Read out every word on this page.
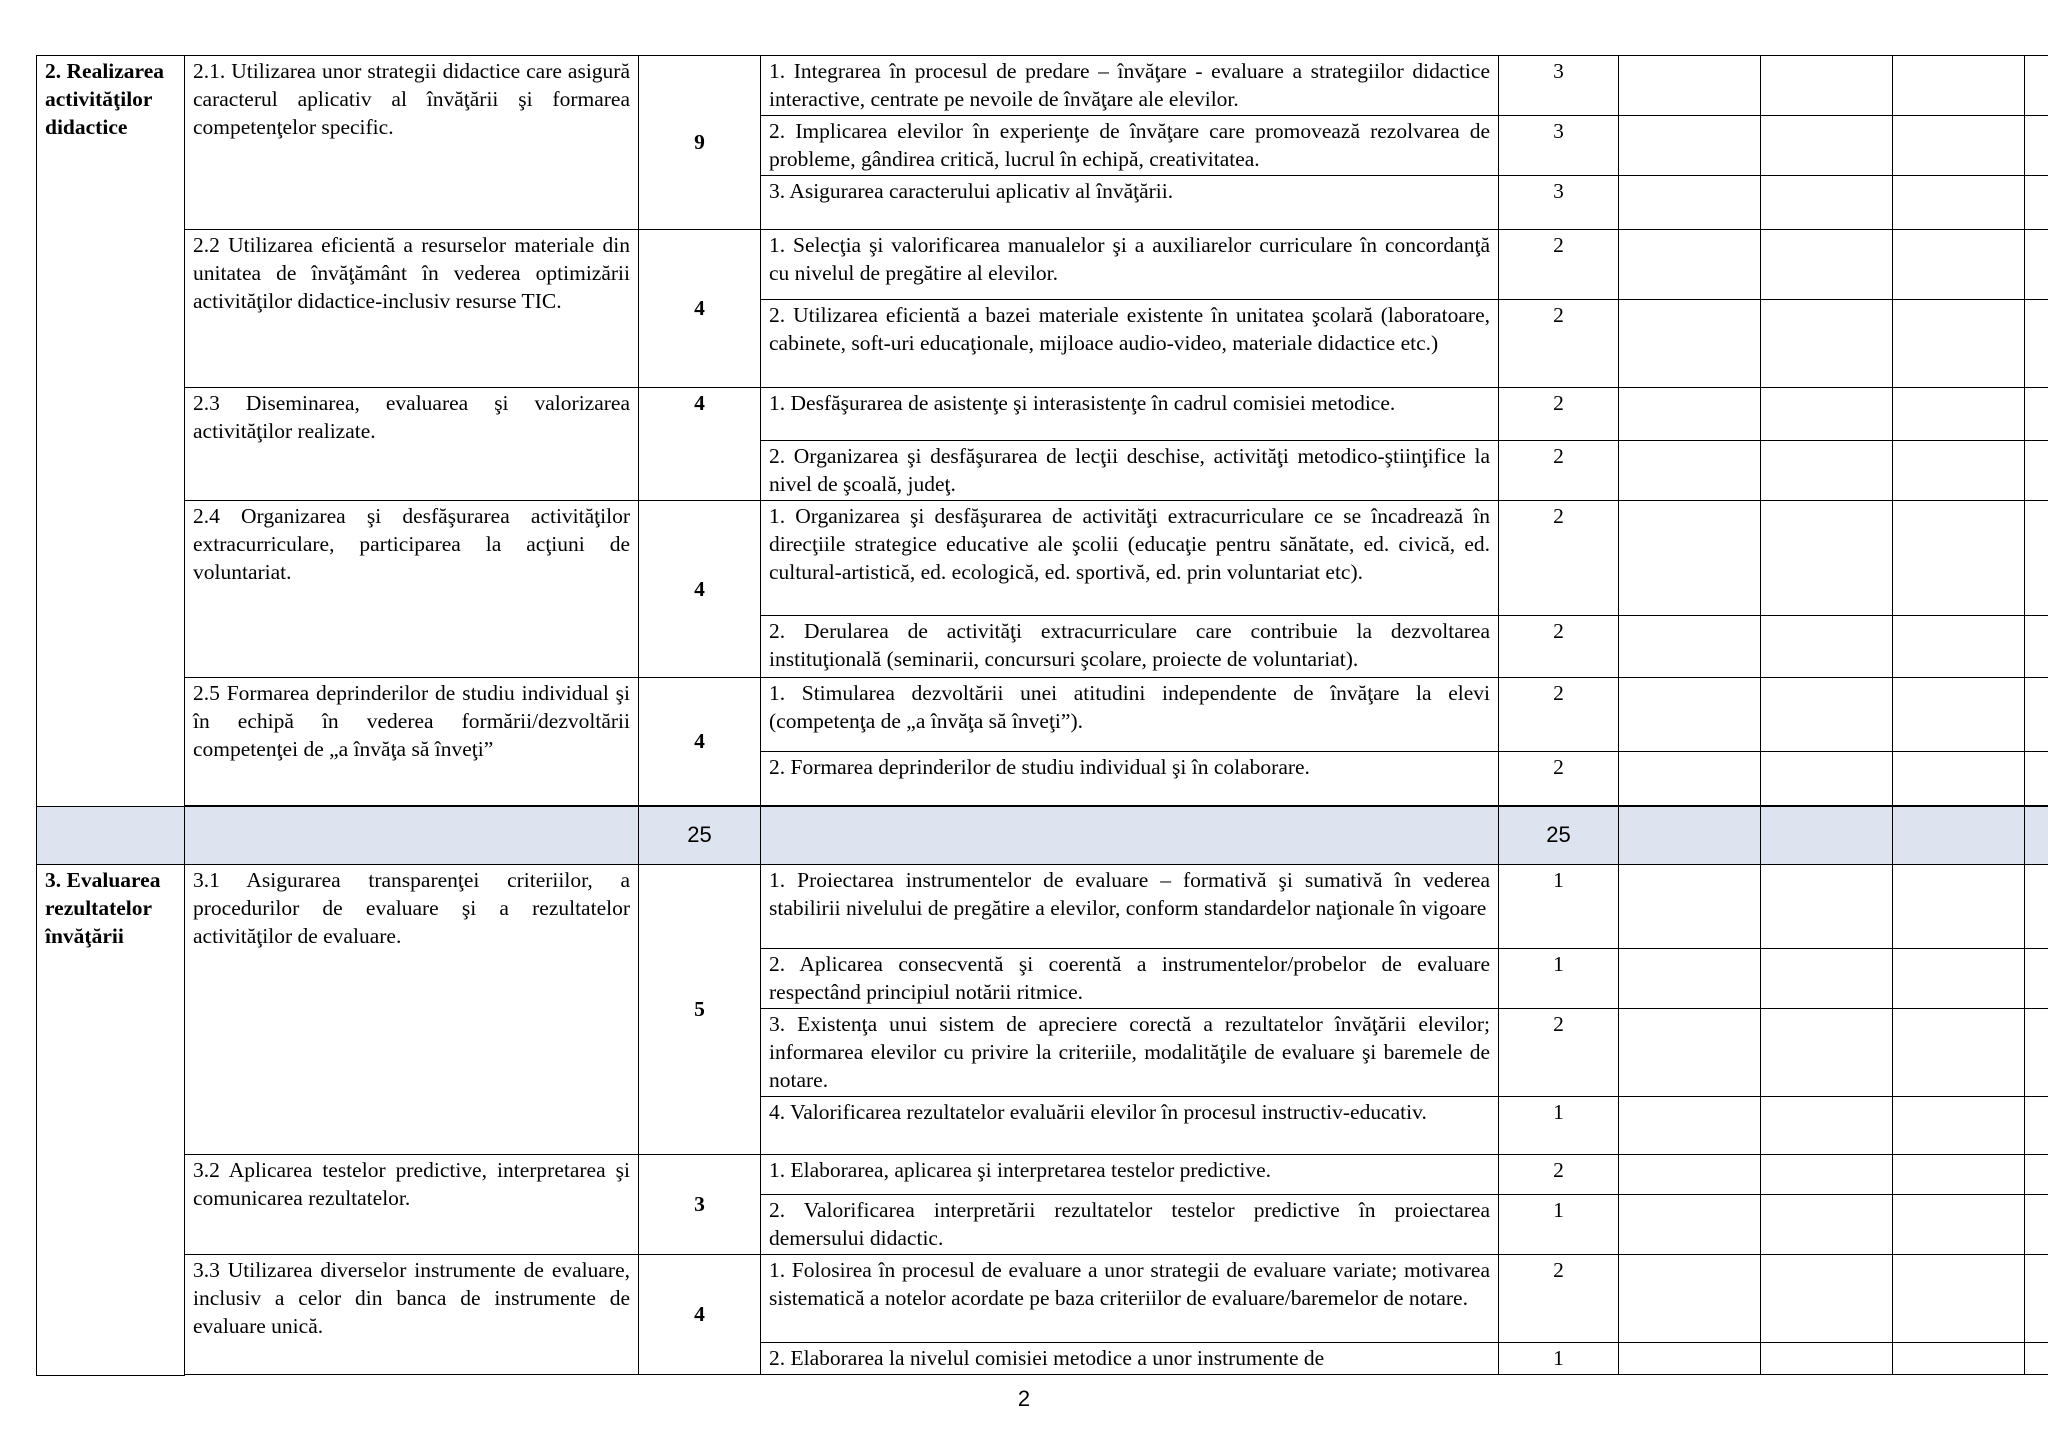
2. Realizarea activităţilor didactice	2.1. Utilizarea unor strategii didactice care asigură caracterul aplicativ al învăţării şi formarea competenţelor specific.	9	1. Integrarea în procesul de predare – învăţare - evaluare a strategiilor didactice interactive, centrate pe nevoile de învăţare ale elevilor.	3				
			2. Implicarea elevilor în experienţe de învăţare care promovează rezolvarea de probleme, gândirea critică, lucrul în echipă, creativitatea.	3				
			3. Asigurarea caracterului aplicativ al învăţării.	3				
	2.2 Utilizarea eficientă a resurselor materiale din unitatea de învăţământ în vederea optimizării activităţilor didactice-inclusiv resurse TIC.	4	1. Selecţia şi valorificarea manualelor şi a auxiliarelor curriculare în concordanţă cu nivelul de pregătire al elevilor.	2				
			2. Utilizarea eficientă a bazei materiale existente în unitatea şcolară (laboratoare, cabinete, soft-uri educaţionale, mijloace audio-video, materiale didactice etc.)	2				
	2.3 Diseminarea, evaluarea şi valorizarea activităţilor realizate.	4	1. Desfăşurarea de asistenţe şi interasistenţe în cadrul comisiei metodice.	2				
			2. Organizarea şi desfăşurarea de lecţii deschise, activităţi metodico-ştiinţifice la nivel de şcoală, judeţ.	2				
	2.4 Organizarea şi desfăşurarea activităţilor extracurriculare, participarea la acţiuni de voluntariat.	4	1. Organizarea şi desfăşurarea de activităţi extracurriculare ce se încadrează în direcţiile strategice educative ale şcolii (educaţie pentru sănătate, ed. civică, ed. cultural-artistică, ed. ecologică, ed. sportivă, ed. prin voluntariat etc).	2				
			2. Derularea de activităţi extracurriculare care contribuie la dezvoltarea instituţională (seminarii, concursuri şcolare, proiecte de voluntariat).	2				
	2.5 Formarea deprinderilor de studiu individual şi în echipă în vederea formării/dezvoltării competenţei de „a învăţa să înveţi”	4	1. Stimularea dezvoltării unei atitudini independente de învăţare la elevi (competenţa de „a învăţa să înveţi”).	2				
			2. Formarea deprinderilor de studiu individual şi în colaborare.	2				

		25		25				
3. Evaluarea rezultatelor învăţării	3.1 Asigurarea transparenţei criteriilor, a procedurilor de evaluare şi a rezultatelor activităţilor de evaluare.	5	1. Proiectarea instrumentelor de evaluare – formativă şi sumativă în vederea stabilirii nivelului de pregătire a elevilor, conform standardelor naţionale în vigoare	1				
			2. Aplicarea consecventă şi coerentă a instrumentelor/probelor de evaluare respectând principiul notării ritmice.	1				
			3. Existenţa unui sistem de apreciere corectă a rezultatelor învăţării elevilor; informarea elevilor cu privire la criteriile, modalităţile de evaluare şi baremele de notare.	2				
			4. Valorificarea rezultatelor evaluării elevilor în procesul instructiv-educativ.	1				
	3.2 Aplicarea testelor predictive, interpretarea şi comunicarea rezultatelor.	3	1. Elaborarea, aplicarea şi interpretarea testelor predictive.	2				
			2. Valorificarea interpretării rezultatelor testelor predictive în proiectarea demersului didactic.	1				
	3.3 Utilizarea diverselor instrumente de evaluare, inclusiv a celor din banca de instrumente de evaluare unică.	4	1. Folosirea în procesul de evaluare a unor strategii de evaluare variate; motivarea sistematică a notelor acordate pe baza criteriilor de evaluare/baremelor de notare.	2				
			2. Elaborarea la nivelul comisiei metodice a unor instrumente de	1				

2
